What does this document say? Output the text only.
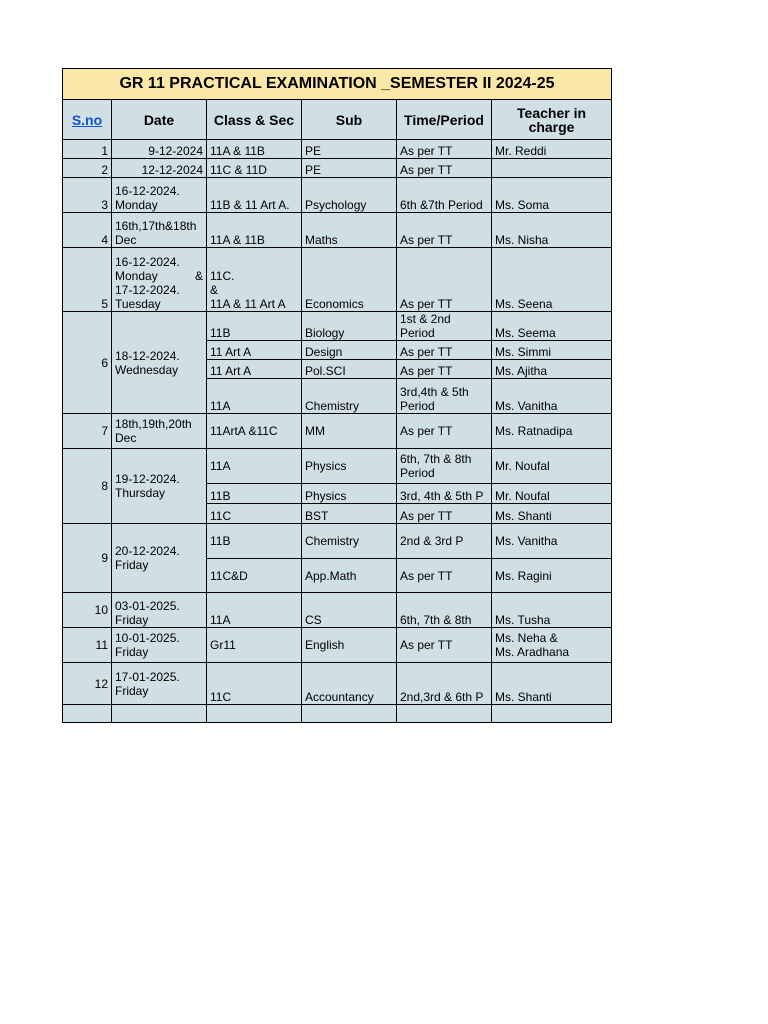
GR 11 PRACTICAL EXAMINATION _SEMESTER II 2024-25					
S.no	Date	Class & Sec	Sub	Time/Period	Teacher in
charge
1	9-12-2024	11A & 11B	PE	As per TT	Mr. Reddi
2	12-12-2024	11C & 11D	PE	As per TT	
3	16-12-2024.
Monday	11B & 11 Art A.	Psychology	6th &7th Period	Ms. Soma
4	16th,17th&18th
Dec	11A & 11B	Maths	As per TT	Ms. Nisha
5	16-12-2024.

Monday &
17-12-2024.
Tuesday	11C.
&
11A & 11 Art A	Economics	As per TT	Ms. Seena
6	18-12-2024.
Wednesday	11B	Biology	1st & 2nd Period	Ms. Seema
		11 Art A	Design	As per TT	Ms. Simmi
		11 Art A	Pol.SCI	As per TT	Ms. Ajitha
		11A	Chemistry	3rd,4th & 5th
Period	Ms. Vanitha
7	18th,19th,20th
Dec	11ArtA &11C	MM	As per TT	Ms. Ratnadipa
8	19-12-2024.
Thursday	11A	Physics	6th, 7th & 8th
Period	Mr. Noufal
		11B	Physics	3rd, 4th & 5th P	Mr. Noufal
		11C	BST	As per TT	Ms. Shanti
9	20-12-2024.
Friday	11B	Chemistry	2nd & 3rd P	Ms. Vanitha
		11C&D	App.Math	As per TT	Ms. Ragini
10	03-01-2025.
Friday	11A	CS	6th, 7th & 8th	Ms. Tusha
11	10-01-2025.
Friday	Gr11	English	As per TT	Ms. Neha &
Ms. Aradhana
12	17-01-2025.
Friday	11C	Accountancy	2nd,3rd & 6th P	Ms. Shanti
